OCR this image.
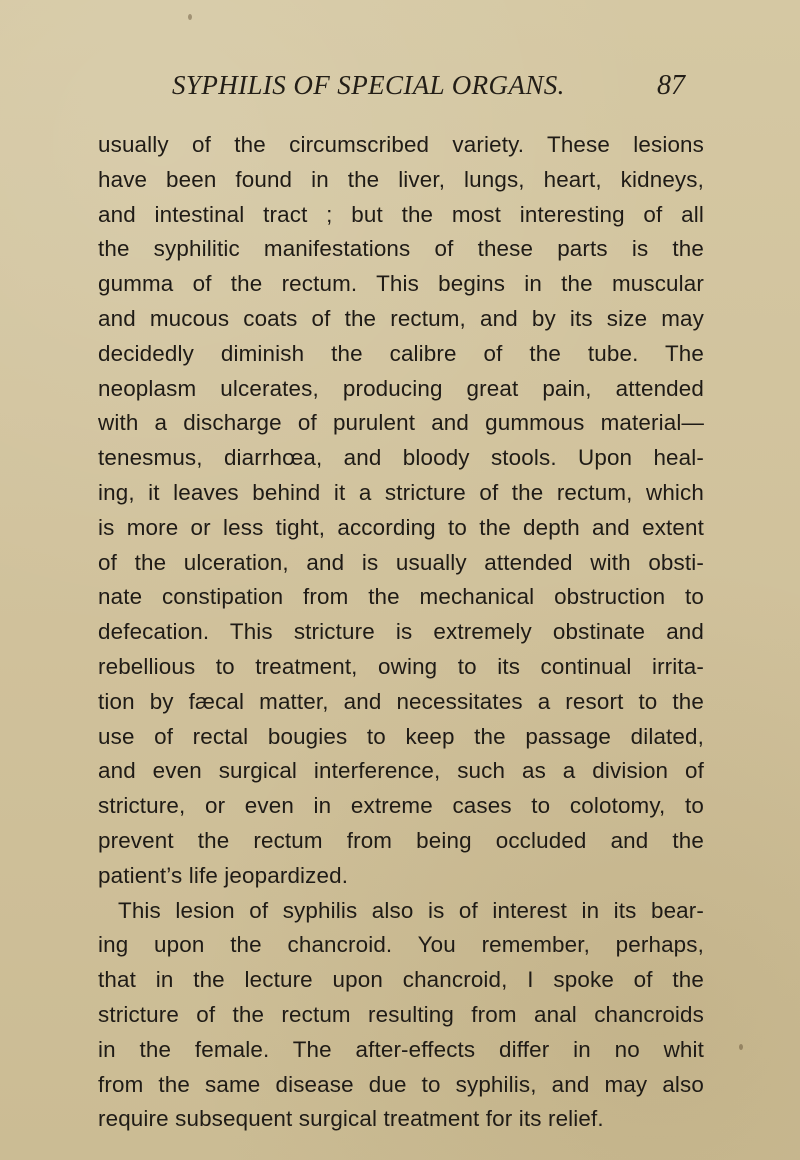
SYPHILIS OF SPECIAL ORGANS.	87
usually of the circumscribed variety. These lesions
have been found in the liver, lungs, heart, kidneys,
and intestinal tract ; but the most interesting of all
the syphilitic manifestations of these parts is the
gumma of the rectum. This begins in the muscular
and mucous coats of the rectum, and by its size may
decidedly diminish the calibre of the tube. The
neoplasm ulcerates, producing great pain, attended
with a discharge of purulent and gummous material—
tenesmus, diarrhœa, and bloody stools. Upon heal-
ing, it leaves behind it a stricture of the rectum, which
is more or less tight, according to the depth and extent
of the ulceration, and is usually attended with obsti-
nate constipation from the mechanical obstruction to
defecation. This stricture is extremely obstinate and
rebellious to treatment, owing to its continual irrita-
tion by fæcal matter, and necessitates a resort to the
use of rectal bougies to keep the passage dilated,
and even surgical interference, such as a division of
stricture, or even in extreme cases to colotomy, to
prevent the rectum from being occluded and the
patient’s life jeopardized.
This lesion of syphilis also is of interest in its bear-
ing upon the chancroid. You remember, perhaps,
that in the lecture upon chancroid, I spoke of the
stricture of the rectum resulting from anal chancroids
in the female. The after-effects differ in no whit
from the same disease due to syphilis, and may also
require subsequent surgical treatment for its relief.
